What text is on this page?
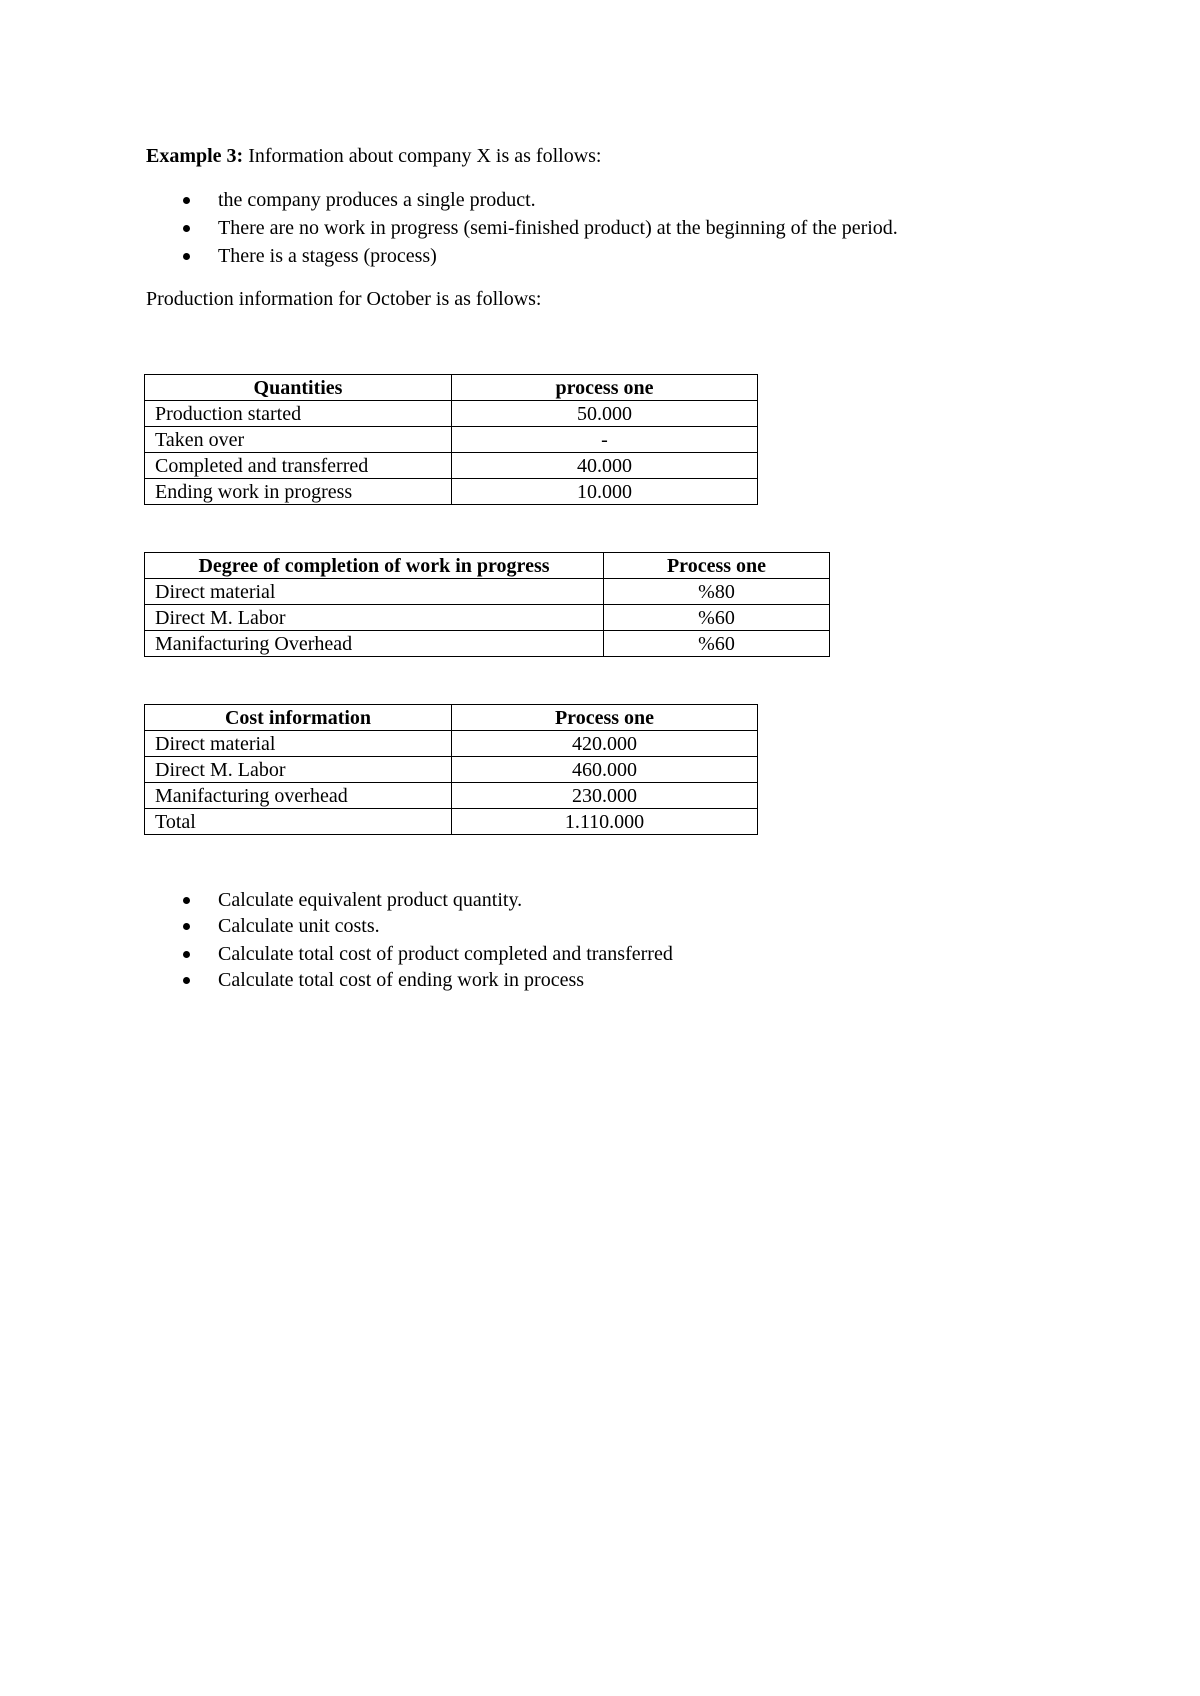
Example 3: Information about company X is as follows:
the company produces a single product.
There are no work in progress (semi-finished product) at the beginning of the period.
There is a stagess (process)
Production information for October is as follows:
Quantities	process one
Production started	50.000
Taken over	-
Completed and transferred	40.000
Ending work in progress	10.000
Degree of completion of work in progress	Process one
Direct material	%80
Direct M. Labor	%60
Manifacturing Overhead	%60
Cost information	Process one
Direct material	420.000
Direct M. Labor	460.000
Manifacturing overhead	230.000
Total	1.110.000
Calculate equivalent product quantity.
Calculate unit costs.
Calculate total cost of product completed and transferred
Calculate total cost of ending work in process
